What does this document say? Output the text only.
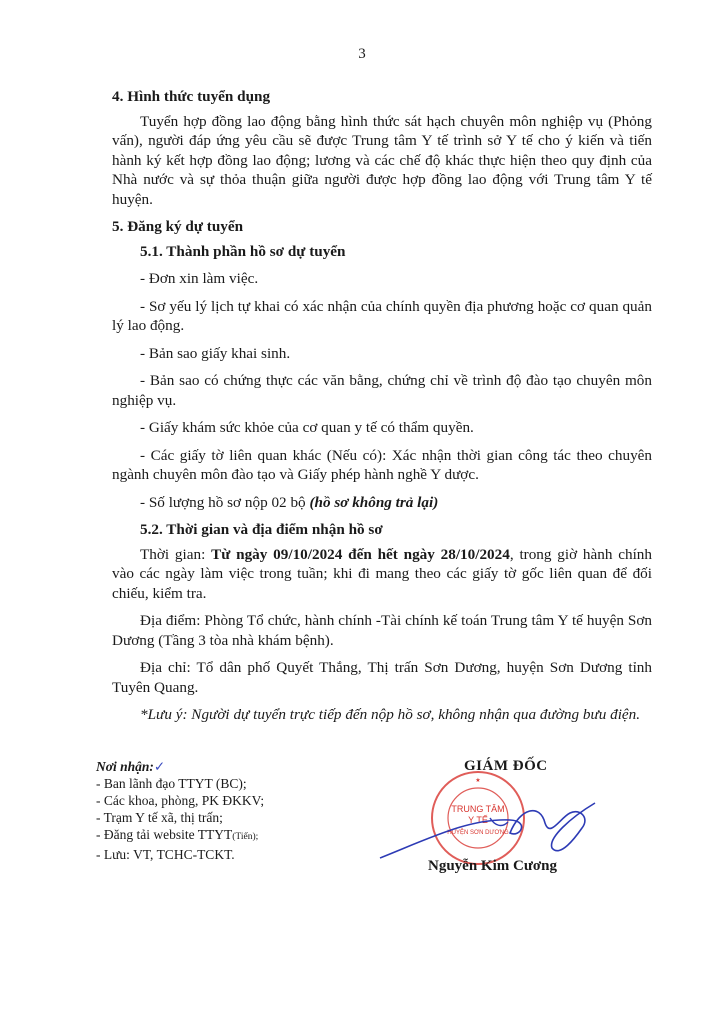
3
4. Hình thức tuyển dụng
Tuyển hợp đồng lao động bằng hình thức sát hạch chuyên môn nghiệp vụ (Phỏng vấn), người đáp ứng yêu cầu sẽ được Trung tâm Y tế trình sở Y tế cho ý kiến và tiến hành ký kết hợp đồng lao động; lương và các chế độ khác thực hiện theo quy định của Nhà nước và sự thỏa thuận giữa người được hợp đồng lao động với Trung tâm Y tế huyện.
5. Đăng ký dự tuyển
5.1. Thành phần hồ sơ dự tuyển
- Đơn xin làm việc.
- Sơ yếu lý lịch tự khai có xác nhận của chính quyền địa phương hoặc cơ quan quản lý lao động.
- Bản sao giấy khai sinh.
- Bản sao có chứng thực các văn bằng, chứng chỉ về trình độ đào tạo chuyên môn nghiệp vụ.
- Giấy khám sức khỏe của cơ quan y tế có thẩm quyền.
- Các giấy tờ liên quan khác (Nếu có): Xác nhận thời gian công tác theo chuyên ngành chuyên môn đào tạo và Giấy phép hành nghề Y dược.
- Số lượng hồ sơ nộp 02 bộ (hồ sơ không trả lại)
5.2. Thời gian và địa điểm nhận hồ sơ
Thời gian: Từ ngày 09/10/2024 đến hết ngày 28/10/2024, trong giờ hành chính vào các ngày làm việc trong tuần; khi đi mang theo các giấy tờ gốc liên quan để đối chiếu, kiểm tra.
Địa điểm: Phòng Tổ chức, hành chính -Tài chính kế toán Trung tâm Y tế huyện Sơn Dương (Tầng 3 tòa nhà khám bệnh).
Địa chỉ: Tổ dân phố Quyết Thắng, Thị trấn Sơn Dương, huyện Sơn Dương tỉnh Tuyên Quang.
*Lưu ý: Người dự tuyển trực tiếp đến nộp hồ sơ, không nhận qua đường bưu điện.
Nơi nhận:✓
- Ban lãnh đạo TTYT (BC);
- Các khoa, phòng, PK ĐKKV;
- Trạm Y tế xã, thị trấn;
- Đăng tải website TTYT(Tiến);
- Lưu: VT, TCHC-TCKT.
TRUNG TÂM
Y TẾ
HUYỆN SƠN DƯƠNG
★
GIÁM ĐỐC
Nguyễn Kim Cương
